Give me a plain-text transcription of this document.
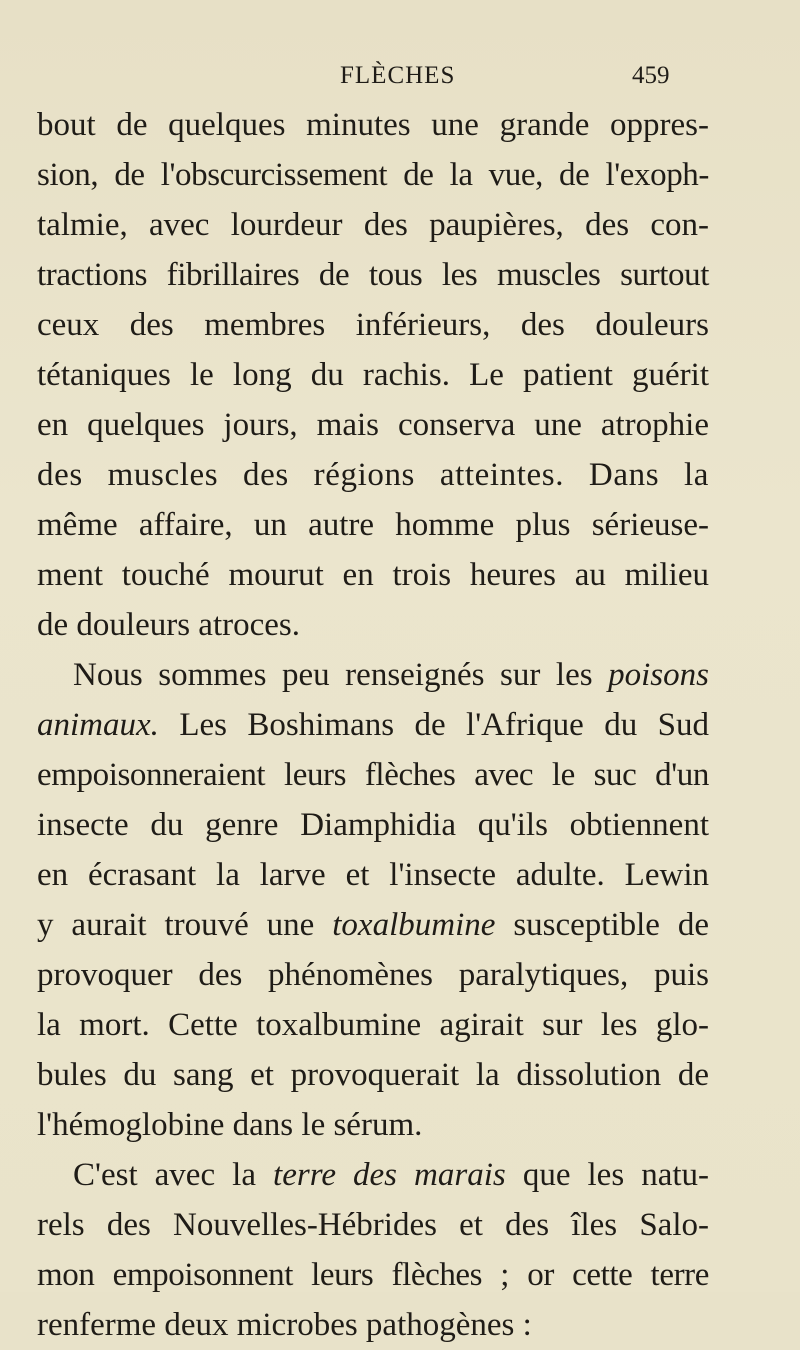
FLÈCHES	459
bout de quelques minutes une grande oppres-
sion, de l'obscurcissement de la vue, de l'exoph-
talmie, avec lourdeur des paupières, des con-
tractions fibrillaires de tous les muscles surtout
ceux des membres inférieurs, des douleurs
tétaniques le long du rachis. Le patient guérit
en quelques jours, mais conserva une atrophie
des muscles des régions atteintes. Dans la
même affaire, un autre homme plus sérieuse-
ment touché mourut en trois heures au milieu
de douleurs atroces.
Nous sommes peu renseignés sur les poisons
animaux. Les Boshimans de l'Afrique du Sud
empoisonneraient leurs flèches avec le suc d'un
insecte du genre Diamphidia qu'ils obtiennent
en écrasant la larve et l'insecte adulte. Lewin
y aurait trouvé une toxalbumine susceptible de
provoquer des phénomènes paralytiques, puis
la mort. Cette toxalbumine agirait sur les glo-
bules du sang et provoquerait la dissolution de
l'hémoglobine dans le sérum.
C'est avec la terre des marais que les natu-
rels des Nouvelles-Hébrides et des îles Salo-
mon empoisonnent leurs flèches ; or cette terre
renferme deux microbes pathogènes :
